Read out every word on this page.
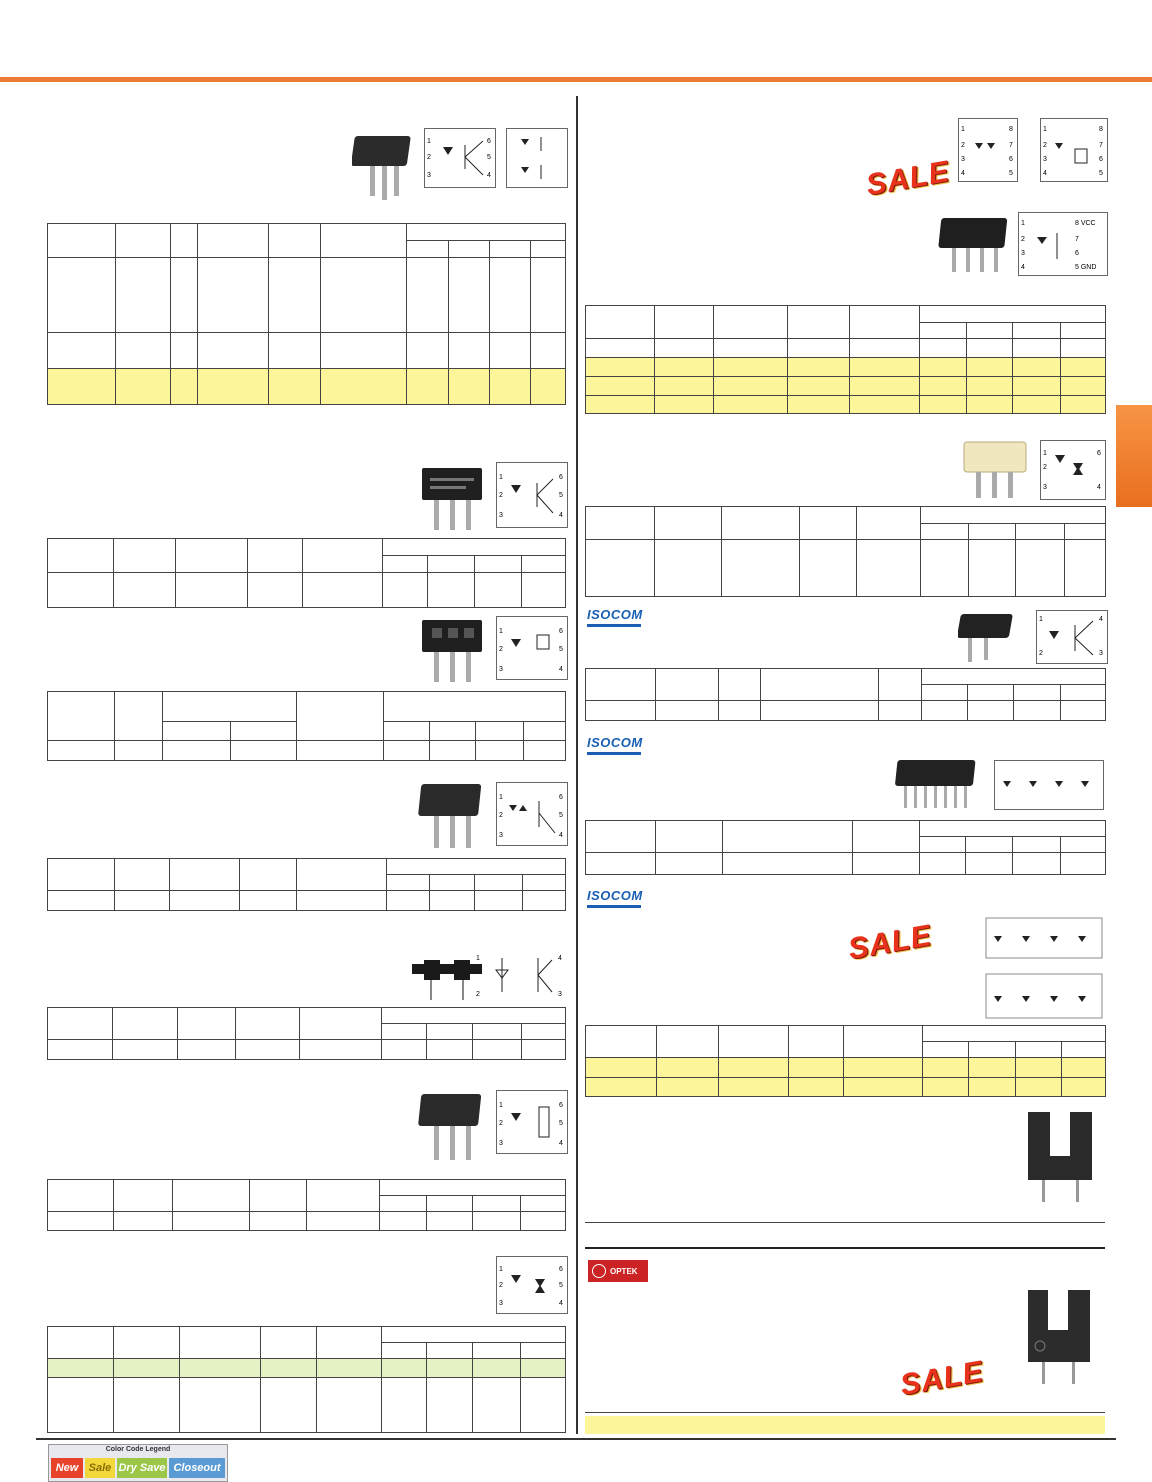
1
2
3
6
5
4

1
2
3
6
5
4

1
2
3
6
5
4

1
2
3
6
5
4

1
2
4
3

1
2
3
6
5
4

1
2
3
6
5
4

1
2
3
4
8
7
6
5
1
2
3
4
8
7
6
5
SALE
1
2
3
4
8 VCC
7
6
5 GND

1
2
3
6
4

ISOCOM	1
2
4
3

ISOCOM

ISOCOM
SALE

OPTEK
SALE
Color Code Legend
New Sale Dry Save Closeout
